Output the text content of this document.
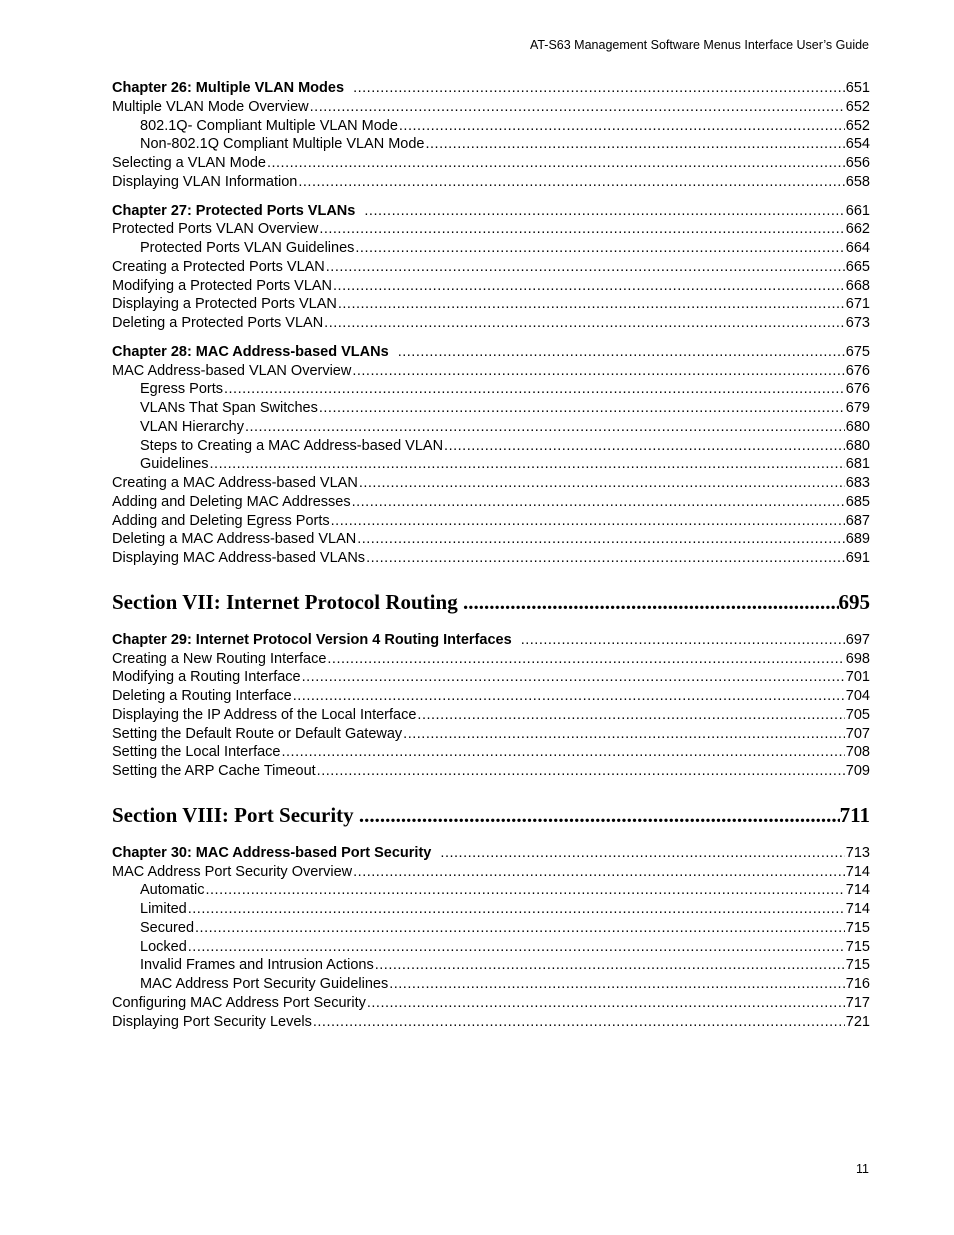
AT-S63 Management Software Menus Interface User’s Guide
Chapter 26: Multiple VLAN Modes .....	651
Multiple VLAN Mode Overview .....	652
802.1Q- Compliant Multiple VLAN Mode .....	652
Non-802.1Q Compliant Multiple VLAN Mode .....	654
Selecting a VLAN Mode .....	656
Displaying VLAN Information .....	658
Chapter 27: Protected Ports VLANs .....	661
Protected Ports VLAN Overview .....	662
Protected Ports VLAN Guidelines .....	664
Creating a Protected Ports VLAN .....	665
Modifying a Protected Ports VLAN .....	668
Displaying a Protected Ports VLAN .....	671
Deleting a Protected Ports VLAN .....	673
Chapter 28: MAC Address-based VLANs .....	675
MAC Address-based VLAN Overview .....	676
Egress Ports .....	676
VLANs That Span Switches .....	679
VLAN Hierarchy .....	680
Steps to Creating a MAC Address-based VLAN .....	680
Guidelines .....	681
Creating a MAC Address-based VLAN .....	683
Adding and Deleting MAC Addresses .....	685
Adding and Deleting Egress Ports .....	687
Deleting a MAC Address-based VLAN .....	689
Displaying MAC Address-based VLANs .....	691
Section VII: Internet Protocol Routing .....	695
Chapter 29: Internet Protocol Version 4 Routing Interfaces .....	697
Creating a New Routing Interface .....	698
Modifying a Routing Interface .....	701
Deleting a Routing Interface .....	704
Displaying the IP Address of the Local Interface .....	705
Setting the Default Route or Default Gateway .....	707
Setting the Local Interface .....	708
Setting the ARP Cache Timeout .....	709
Section VIII: Port Security .....	711
Chapter 30: MAC Address-based Port Security .....	713
MAC Address Port Security Overview .....	714
Automatic .....	714
Limited .....	714
Secured .....	715
Locked .....	715
Invalid Frames and Intrusion Actions .....	715
MAC Address Port Security Guidelines .....	716
Configuring MAC Address Port Security .....	717
Displaying Port Security Levels .....	721
11
